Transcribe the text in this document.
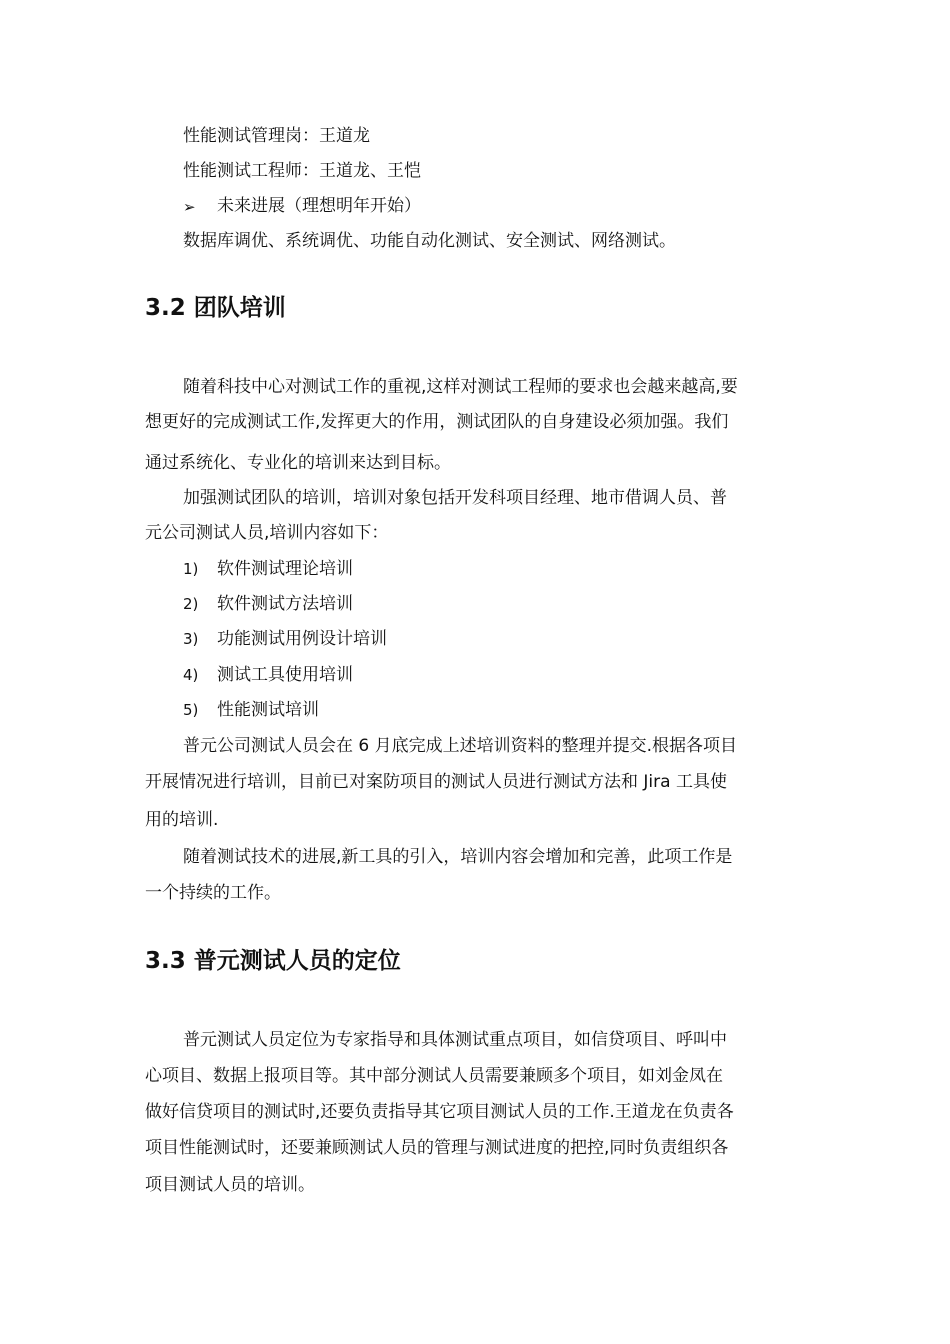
性能测试管理岗：王道龙
性能测试工程师：王道龙、王恺
➢ 未来进展（理想明年开始）
数据库调优、系统调优、功能自动化测试、安全测试、网络测试。
3.2 团队培训
随着科技中心对测试工作的重视,这样对测试工程师的要求也会越来越高,要
想更好的完成测试工作,发挥更大的作用，测试团队的自身建设必须加强。我们
通过系统化、专业化的培训来达到目标。
加强测试团队的培训，培训对象包括开发科项目经理、地市借调人员、普
元公司测试人员,培训内容如下：
1) 软件测试理论培训
2) 软件测试方法培训
3) 功能测试用例设计培训
4) 测试工具使用培训
5) 性能测试培训
普元公司测试人员会在 6 月底完成上述培训资料的整理并提交.根据各项目
开展情况进行培训，目前已对案防项目的测试人员进行测试方法和 Jira 工具使
用的培训.
随着测试技术的进展,新工具的引入，培训内容会增加和完善，此项工作是
一个持续的工作。
3.3 普元测试人员的定位
普元测试人员定位为专家指导和具体测试重点项目，如信贷项目、呼叫中
心项目、数据上报项目等。其中部分测试人员需要兼顾多个项目，如刘金凤在
做好信贷项目的测试时,还要负责指导其它项目测试人员的工作.王道龙在负责各
项目性能测试时，还要兼顾测试人员的管理与测试进度的把控,同时负责组织各
项目测试人员的培训。
